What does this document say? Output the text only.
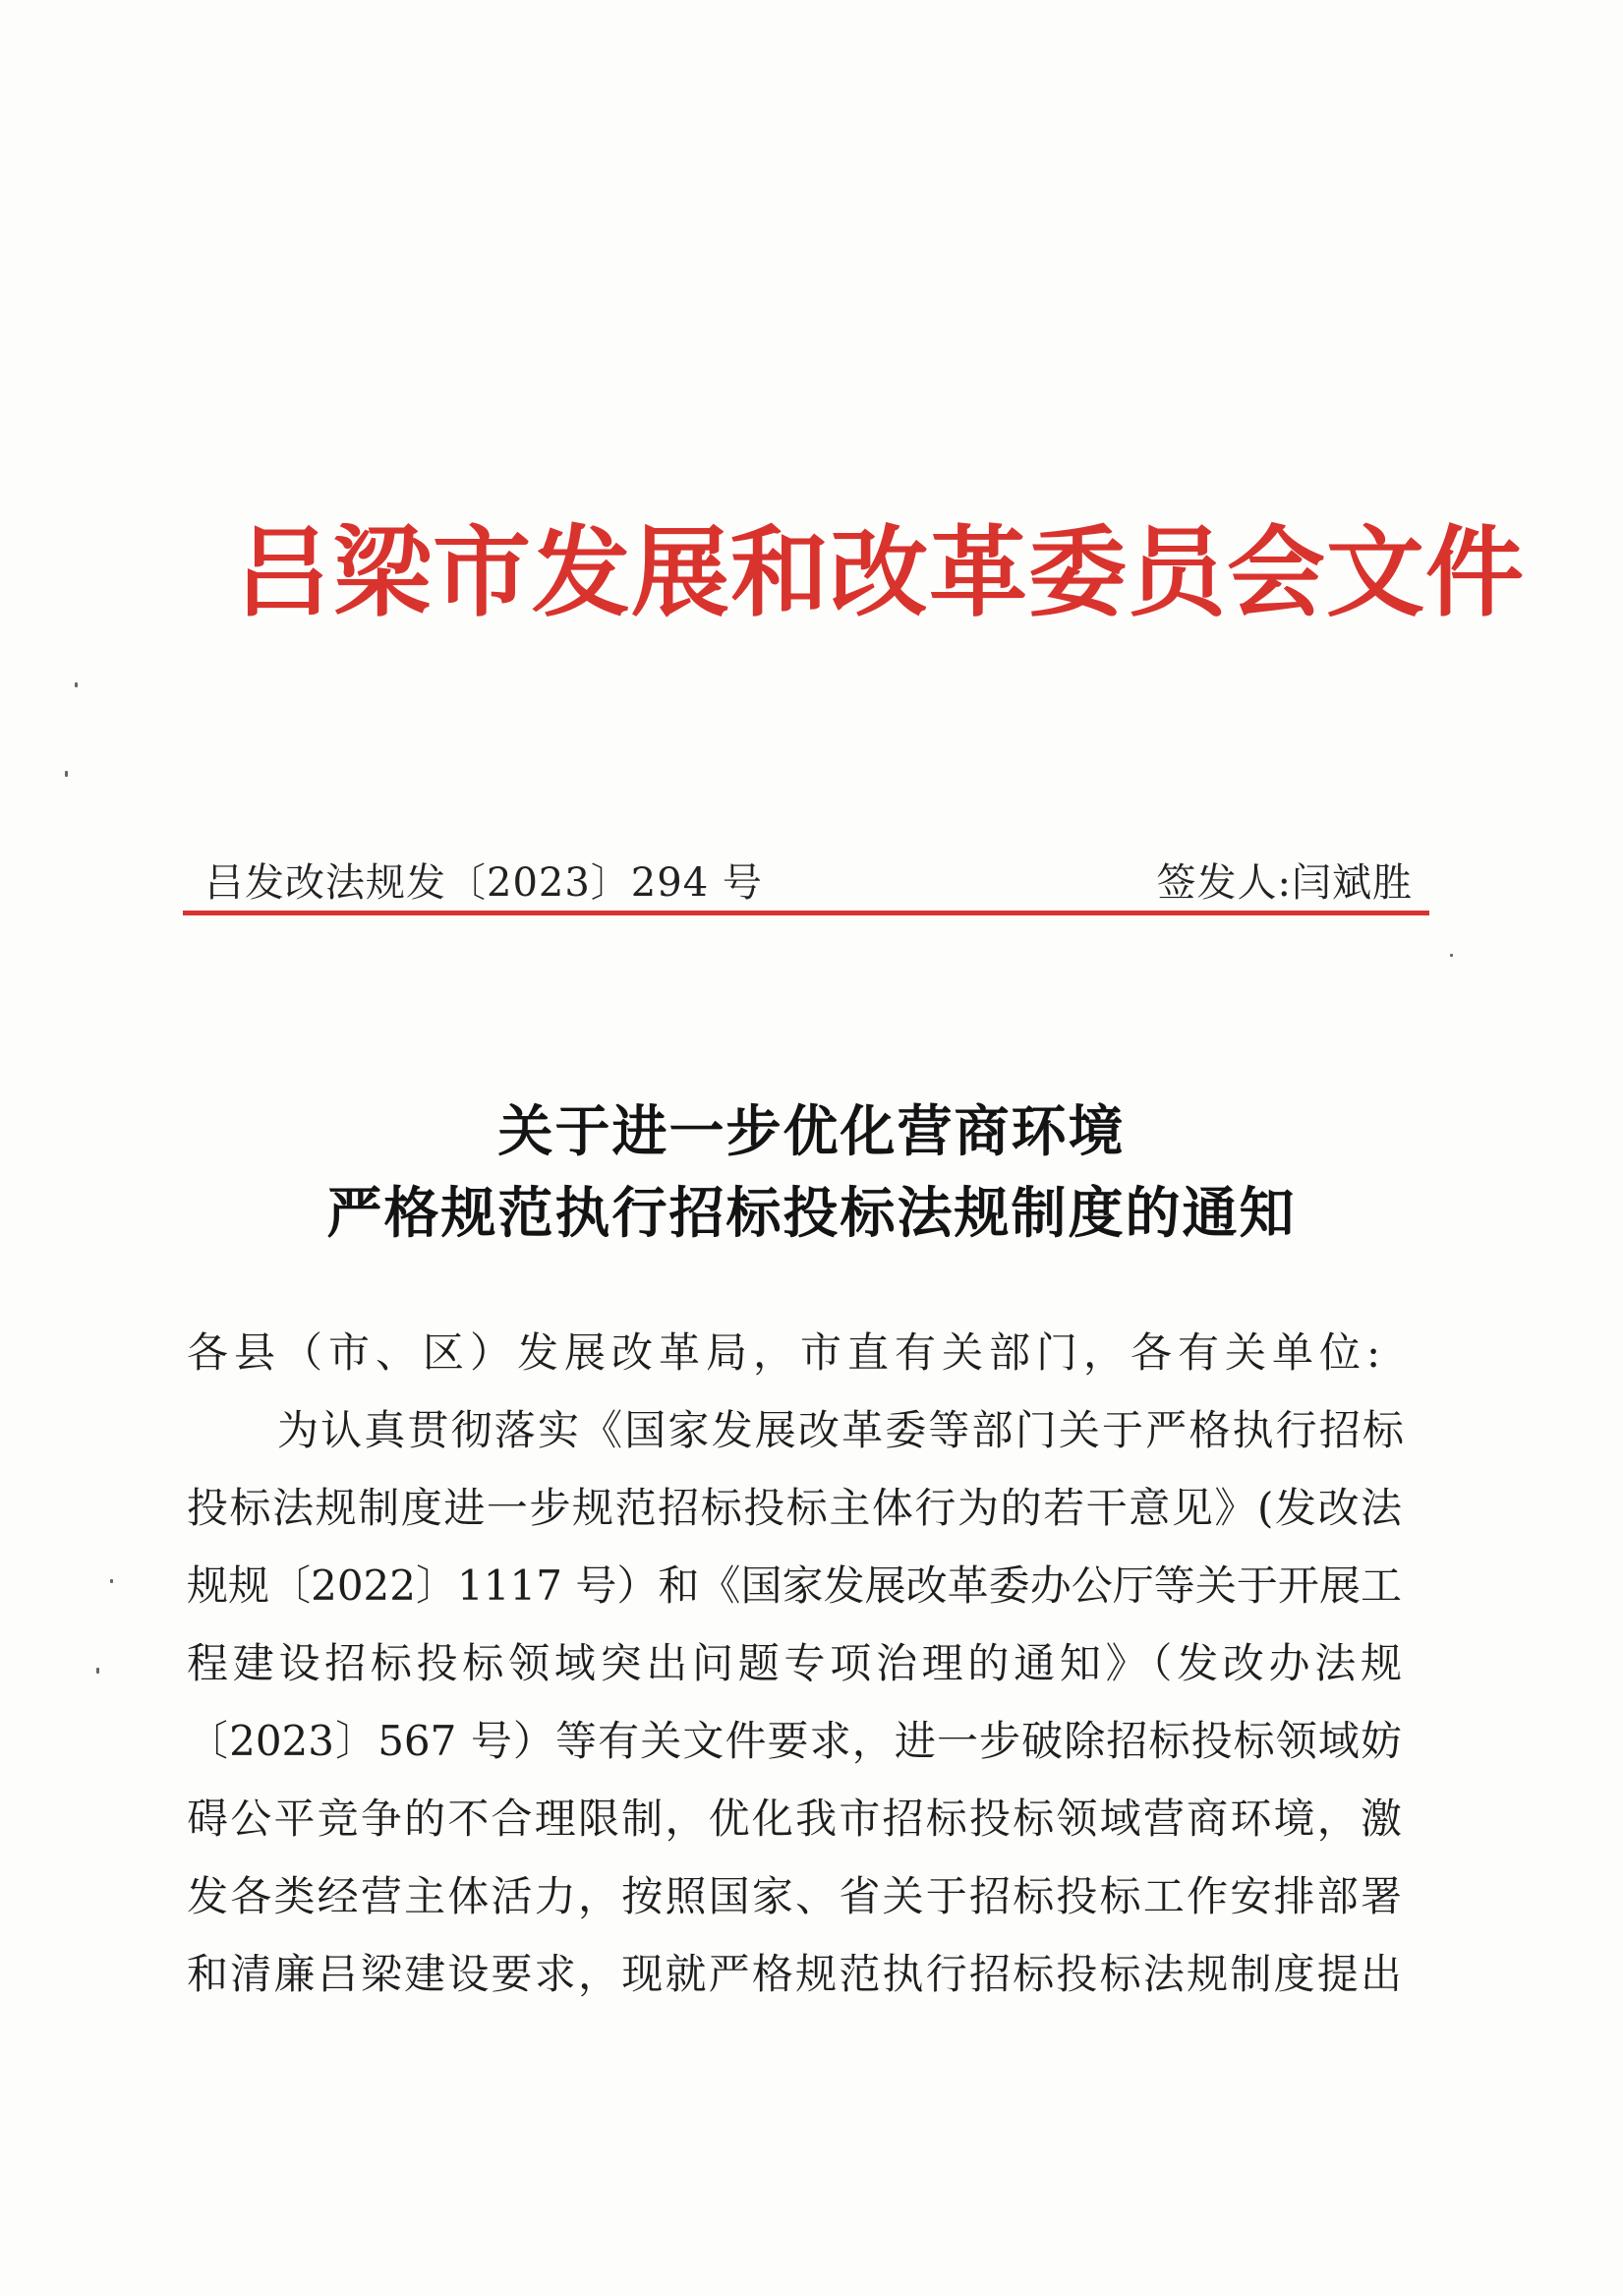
吕梁市发展和改革委员会文件
吕发改法规发〔2023〕294 号	签发人:闫斌胜
关于进一步优化营商环境
严格规范执行招标投标法规制度的通知
各县（市、区）发展改革局，市直有关部门，各有关单位:
为认真贯彻落实《国家发展改革委等部门关于严格执行招标
投标法规制度进一步规范招标投标主体行为的若干意见》(发改法
规规〔2022〕1117 号）和《国家发展改革委办公厅等关于开展工
程建设招标投标领域突出问题专项治理的通知》（发改办法规
〔2023〕567 号）等有关文件要求，进一步破除招标投标领域妨
碍公平竞争的不合理限制，优化我市招标投标领域营商环境，激
发各类经营主体活力，按照国家、省关于招标投标工作安排部署
和清廉吕梁建设要求，现就严格规范执行招标投标法规制度提出
